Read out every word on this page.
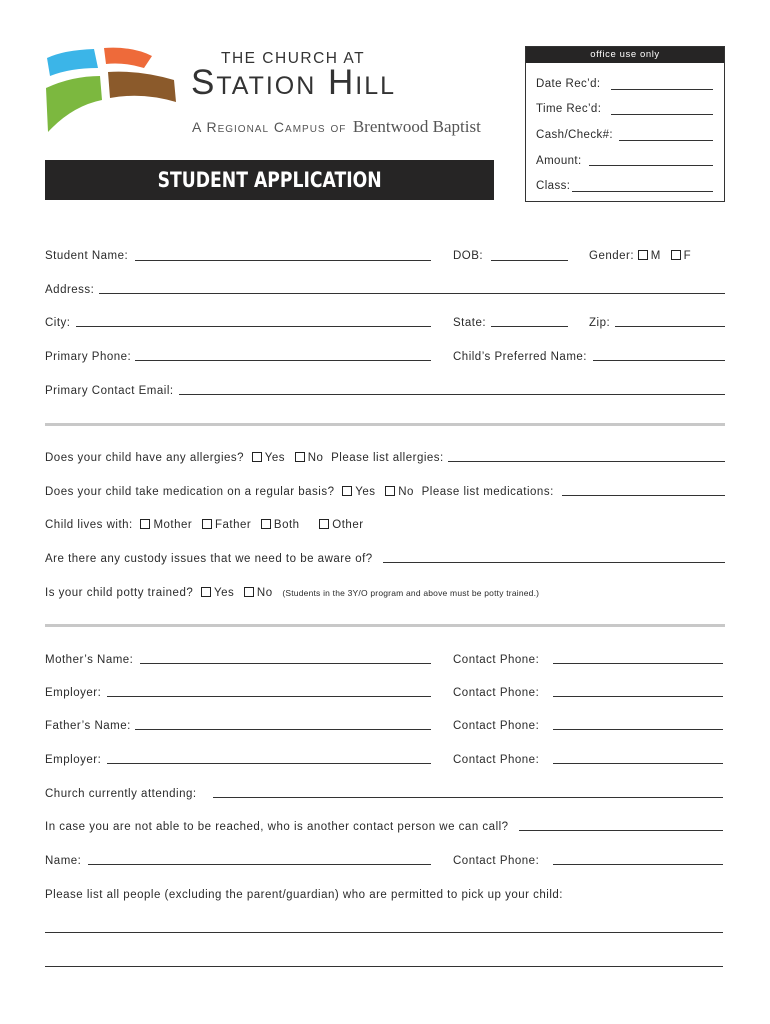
THE CHURCH AT
Station Hill
A Regional Campus of Brentwood Baptist
STUDENT APPLICATION
office use only
Date Rec’d:
Time Rec’d:
Cash/Check#:
Amount:
Class:
Student Name:	DOB:	Gender: M F
Address:
City:	State:	Zip:
Primary Phone:	Child’s Preferred Name:
Primary Contact Email:
Does your child have any allergies? Yes No Please list allergies:
Does your child take medication on a regular basis? Yes No Please list medications:
Child lives with: Mother Father Both	Other
Are there any custody issues that we need to be aware of?
Is your child potty trained? Yes No (Students in the 3Y/O program and above must be potty trained.)
Mother’s Name:	Contact Phone:
Employer:	Contact Phone:
Father’s Name:	Contact Phone:
Employer:	Contact Phone:
Church currently attending:
In case you are not able to be reached, who is another contact person we can call?
Name:	Contact Phone:
Please list all people (excluding the parent/guardian) who are permitted to pick up your child:
